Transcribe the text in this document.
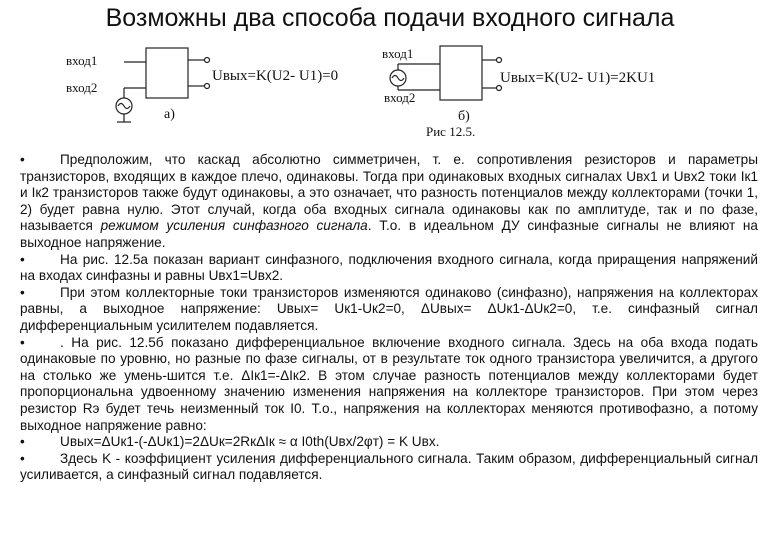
Возможны два способа подачи входного сигнала
вход1
вход2
а)
Uвых=K(U2- U1)=0
вход1
вход2
б)
Uвых=K(U2- U1)=2KU1
Рис 12.5.

•	Предположим, что каскад абсолютно симметричен, т. е. сопротивления резисторов и параметры транзисторов, входящих в каждое плечо, одинаковы. Тогда при одинаковых входных сигналах Uвх1 и Uвх2 токи Iк1 и Iк2 транзисторов также будут одинаковы, а это означает, что разность потенциалов между коллекторами (точки 1, 2) будет равна нулю. Этот случай, когда оба входных сигнала одинаковы как по амплитуде, так и по фазе, называется режимом усиления синфазного сигнала. Т.о. в идеальном ДУ синфазные сигналы не влияют на выходное напряжение.

•	На рис. 12.5а показан вариант синфазного, подключения входного сигнала, когда приращения напряжений на входах синфазны и равны Uвх1=Uвх2.

•	При этом коллекторные токи транзисторов изменяются одинаково (синфазно), напряжения на коллекторах равны, а выходное напряжение: Uвых= Uк1-Uк2=0, ΔUвых= ΔUк1-ΔUк2=0, т.е. синфазный сигнал дифференциальным усилителем подавляется.

•	. На рис. 12.5б показано дифференциальное включение входного сигнала. Здесь на оба входа подать одинаковые по уровню, но разные по фазе сигналы, от в результате ток одного транзистора увеличится, а другого на столько же умень-шится т.е. ΔIк1=-ΔIк2. В этом случае разность потенциалов между коллекторами будет пропорциональна удвоенному значению изменения напряжения на коллекторе транзисторов. При этом через резистор Rэ будет течь неизменный ток I0. Т.о., напряжения на коллекторах меняются противофазно, а потому выходное напряжение равно:

•	Uвых=ΔUк1-(-ΔUк1)=2ΔUк=2RкΔIк ≈ α I0th(Uвх/2φт) = K Uвх.

•	Здесь K - коэффициент усиления дифференциального сигнала. Таким образом, дифференциальный сигнал усиливается, а синфазный сигнал подавляется.
